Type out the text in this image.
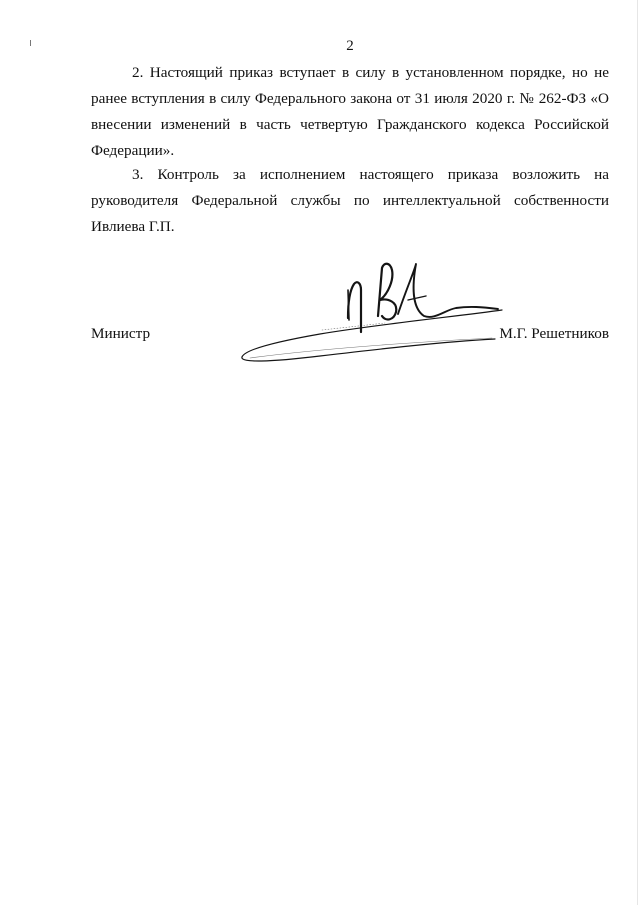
2

2. Настоящий приказ вступает в силу в установленном порядке, но не ранее вступления в силу Федерального закона от 31 июля 2020 г. № 262-ФЗ «О внесении изменений в часть четвертую Гражданского кодекса Российской Федерации».

3. Контроль за исполнением настоящего приказа возложить на руководителя Федеральной службы по интеллектуальной собственности Ивлиева Г.П.

Министр	М.Г. Решетников
